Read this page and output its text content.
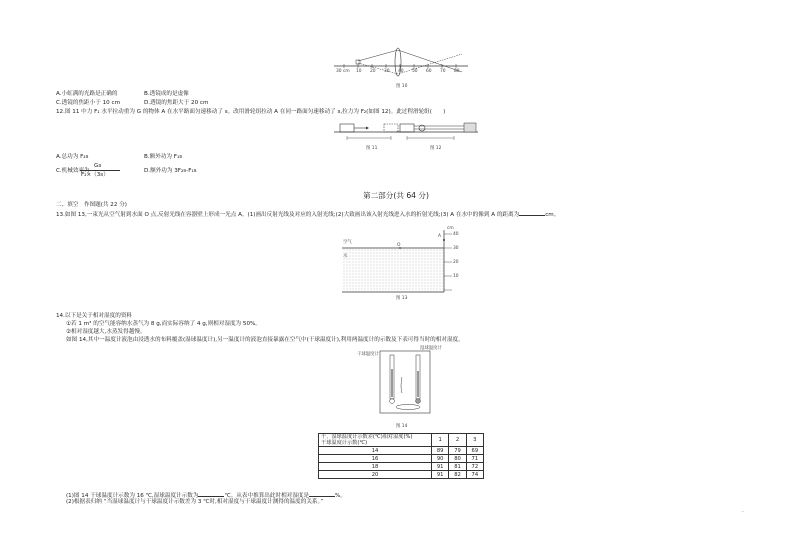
30 cm 10 20 30 40 50 60 70 80
图 10
A.小虹满的光路是正确的	B.透镜成的是虚像
C.透镜的焦距小于 10 cm	D.透镜的焦距大于 20 cm
12.图 11 中力 F₁ 水平拉动重为 G 的物体 A 在水平路面匀速移动了 s。改用滑轮组拉动 A 在同一路面匀速移动了 s,拉力为 F₂(如图 12)。此过程滑轮组(　　)
图 11	图 12
A.总功为 F₂s	B.额外功为 F₁s
C.机械效率为
Gs
F₂×（3s）
D.额外功为 3F₂s-F₁s
第二部分(共 64 分)
二、填空　作图题(共 22 分)
13.如图 13,一束光从空气射到水面 O 点,反射光线在容器壁上形成一光点 A。(1)画出反射光线及对应的入射光线;(2)大致画出该入射光线进入水的折射光线;(3) A 在水中的像到 A 的距离为	cm。
空气
水
O
A
cm
40
30
20
10
图 13
14.以下是关于相对湿度的资料
①若 1 m³ 的空气能容纳水蒸气为 8 g,而实际容纳了 4 g,则相对湿度为 50%。
②相对湿度越大,水蒸发得越慢。
如图 14,其中一温度计液泡由浸透水的布料覆盖(湿球温度计),另一温度计的液泡直接暴露在空气中(干球温度计),利用两温度计的示数及下表可得当时的相对湿度。
干球温度计
湿球温度计
图 14
干、湿球温度计示数差(℃)相对湿度(%)
干球温度计示数(℃)	1	2	3
14	89	79	69
16	90	80	71
18	91	81	72
20	91	82	74
(1)图 14 干球温度计示数为 16 ℃,湿球温度计示数为	℃。从表中推算出此时相对湿度是	%。
(2)根据表归纳 “当湿球温度计与干球温度计示数差为 3 ℃时,相对湿度与干球温度计测得的温度的关系。”
-
